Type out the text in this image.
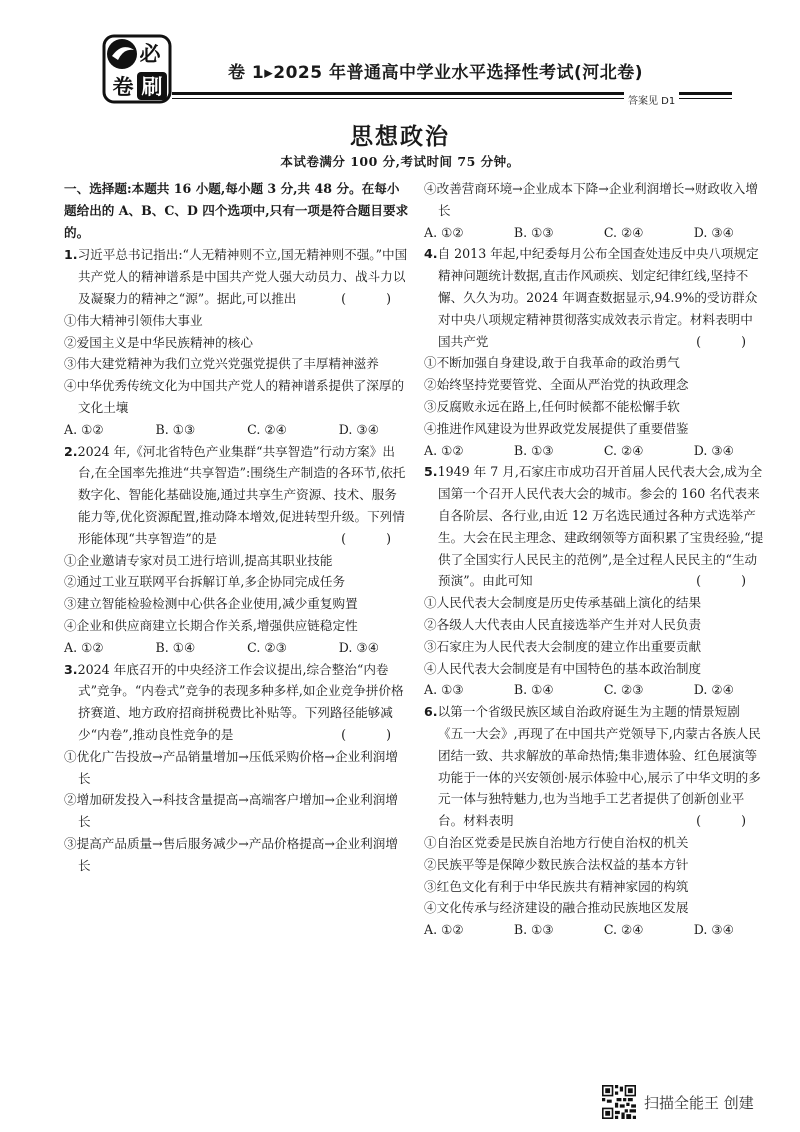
必
卷 刷
卷 1▸2025 年普通高中学业水平选择性考试(河北卷)
答案见 D1
思想政治
本试卷满分 100 分,考试时间 75 分钟。

一、选择题:本题共 16 小题,每小题 3 分,共 48 分。在每小题给出的 A、B、C、D 四个选项中,只有一项是符合题目要求的。

1.习近平总书记指出:“人无精神则不立,国无精神则不强。”中国共产党人的精神谱系是中国共产党人强大动员力、战斗力以及凝聚力的精神之“源”。据此,可以推出	( )

①伟大精神引领伟大事业

②爱国主义是中华民族精神的核心

③伟大建党精神为我们立党兴党强党提供了丰厚精神滋养

④中华优秀传统文化为中国共产党人的精神谱系提供了深厚的文化土壤

A. ①②	B. ①③	C. ②④	D. ③④

2.2024 年,《河北省特色产业集群“共享智造”行动方案》出台,在全国率先推进“共享智造”:围绕生产制造的各环节,依托数字化、智能化基础设施,通过共享生产资源、技术、服务能力等,优化资源配置,推动降本增效,促进转型升级。下列情形能体现“共享智造”的是	( )

①企业邀请专家对员工进行培训,提高其职业技能

②通过工业互联网平台拆解订单,多企协同完成任务

③建立智能检验检测中心供各企业使用,减少重复购置

④企业和供应商建立长期合作关系,增强供应链稳定性

A. ①②	B. ①④	C. ②③	D. ③④

3.2024 年底召开的中央经济工作会议提出,综合整治“内卷式”竞争。“内卷式”竞争的表现多种多样,如企业竞争拼价格挤赛道、地方政府招商拼税费比补贴等。下列路径能够减少“内卷”,推动良性竞争的是	( )

①优化广告投放→产品销量增加→压低采购价格→企业利润增长

②增加研发投入→科技含量提高→高端客户增加→企业利润增长

③提高产品质量→售后服务减少→产品价格提高→企业利润增长

④改善营商环境→企业成本下降→企业利润增长→财政收入增长

A. ①②	B. ①③	C. ②④	D. ③④

4.自 2013 年起,中纪委每月公布全国查处违反中央八项规定精神问题统计数据,直击作风顽疾、划定纪律红线,坚持不懈、久久为功。2024 年调查数据显示,94.9%的受访群众对中央八项规定精神贯彻落实成效表示肯定。材料表明中国共产党	( )

①不断加强自身建设,敢于自我革命的政治勇气

②始终坚持党要管党、全面从严治党的执政理念

③反腐败永远在路上,任何时候都不能松懈手软

④推进作风建设为世界政党发展提供了重要借鉴

A. ①②	B. ①③	C. ②④	D. ③④

5.1949 年 7 月,石家庄市成功召开首届人民代表大会,成为全国第一个召开人民代表大会的城市。参会的 160 名代表来自各阶层、各行业,由近 12 万名选民通过各种方式选举产生。大会在民主理念、建政纲领等方面积累了宝贵经验,“提供了全国实行人民民主的范例”,是全过程人民民主的“生动预演”。由此可知	( )

①人民代表大会制度是历史传承基础上演化的结果

②各级人大代表由人民直接选举产生并对人民负责

③石家庄为人民代表大会制度的建立作出重要贡献

④人民代表大会制度是有中国特色的基本政治制度

A. ①③	B. ①④	C. ②③	D. ②④

6.以第一个省级民族区域自治政府诞生为主题的情景短剧《五一大会》,再现了在中国共产党领导下,内蒙古各族人民团结一致、共求解放的革命热情;集非遗体验、红色展演等功能于一体的兴安领创·展示体验中心,展示了中华文明的多元一体与独特魅力,也为当地手工艺者提供了创新创业平台。材料表明	( )

①自治区党委是民族自治地方行使自治权的机关

②民族平等是保障少数民族合法权益的基本方针

③红色文化有利于中华民族共有精神家园的构筑

④文化传承与经济建设的融合推动民族地区发展

A. ①②	B. ①③	C. ②④	D. ③④

扫描全能王 创建
